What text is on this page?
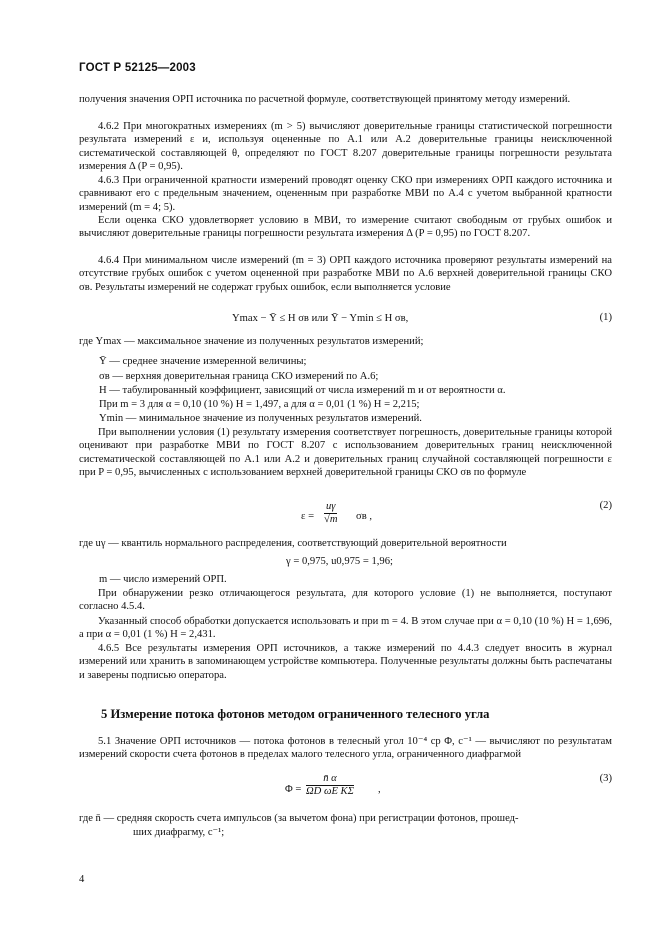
ГОСТ Р 52125—2003
получения значения ОРП источника по расчетной формуле, соответствующей принятому методу измерений.
4.6.2 При многократных измерениях (m > 5) вычисляют доверительные границы статистической погрешности результата измерений ε и, используя оцененные по А.1 или А.2 доверительные границы неисключенной систематической составляющей θ, определяют по ГОСТ 8.207 доверительные границы погрешности результата измерения Δ (P = 0,95).
4.6.3 При ограниченной кратности измерений проводят оценку СКО при измерениях ОРП каждого источника и сравнивают его с предельным значением, оцененным при разработке МВИ по А.4 с учетом выбранной кратности измерений (m = 4; 5).
Если оценка СКО удовлетворяет условию в МВИ, то измерение считают свободным от грубых ошибок и вычисляют доверительные границы погрешности результата измерения Δ (P = 0,95) по ГОСТ 8.207.
4.6.4 При минимальном числе измерений (m = 3) ОРП каждого источника проверяют результаты измерений на отсутствие грубых ошибок с учетом оцененной при разработке МВИ по А.6 верхней доверительной границы СКО σв. Результаты измерений не содержат грубых ошибок, если выполняется условие
Ymax − Ȳ ≤ H σв или Ȳ − Ymin ≤ H σв,	(1)
где Ymax — максимальное значение из полученных результатов измерений;
Ȳ — среднее значение измеренной величины;
σв — верхняя доверительная граница СКО измерений по А.6;
H — табулированный коэффициент, зависящий от числа измерений m и от вероятности α.
При m = 3 для α = 0,10 (10 %) H = 1,497, а для α = 0,01 (1 %) H = 2,215;
Ymin — минимальное значение из полученных результатов измерений.
При выполнении условия (1) результату измерения соответствует погрешность, доверительные границы которой оценивают при разработке МВИ по ГОСТ 8.207 с использованием доверительных границ неисключенной систематической составляющей по А.1 или А.2 и доверительных границ случайной составляющей погрешности ε при P = 0,95, вычисленных с использованием верхней доверительной границы СКО σв по формуле
$\varepsilon = \frac{u\gamma}{√m}$ σв ,
(2)
где uγ — квантиль нормального распределения, соответствующий доверительной вероятности
γ = 0,975, u0,975 = 1,96;
m — число измерений ОРП.
При обнаружении резко отличающегося результата, для которого условие (1) не выполняется, поступают согласно 4.5.4.
Указанный способ обработки допускается использовать и при m = 4. В этом случае при α = 0,10 (10 %) H = 1,696, а при α = 0,01 (1 %) H = 2,431.
4.6.5 Все результаты измерения ОРП источников, а также измерений по 4.4.3 следует вносить в журнал измерений или хранить в запоминающем устройстве компьютера. Полученные результаты должны быть распечатаны и заверены подписью оператора.
5 Измерение потока фотонов методом ограниченного телесного угла
5.1 Значение ОРП источников — потока фотонов в телесный угол 10⁻⁴ ср Φ, с⁻¹ — вычисляют по результатам измерений скорости счета фотонов в пределах малого телесного угла, ограниченного диафрагмой
$\Phi = \frac{n̄ \alpha}{\text{ΩD ωE KΣ}}$ ,
(3)
где n̄ — средняя скорость счета импульсов (за вычетом фона) при регистрации фотонов, прошед-
ших диафрагму, с⁻¹;
4
